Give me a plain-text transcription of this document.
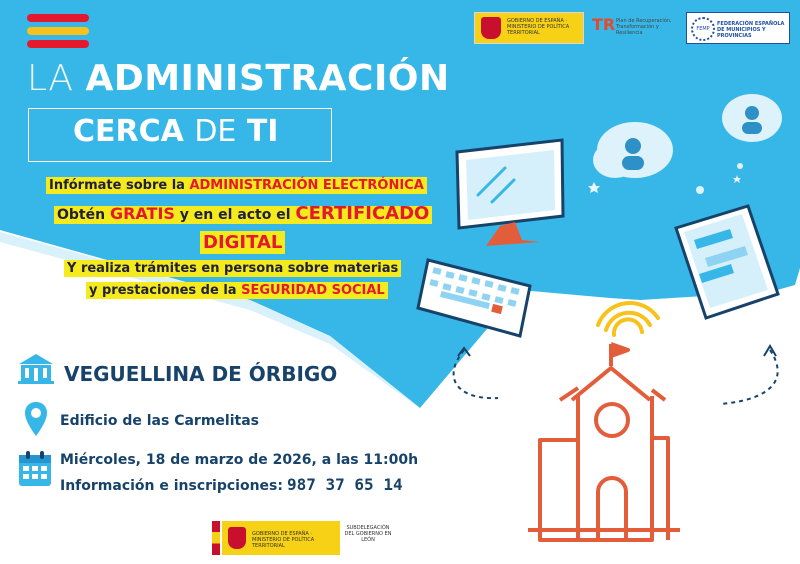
GOBIERNO DE ESPAÑA · MINISTERIO DE POLÍTICA TERRITORIAL	TR Plan de Recuperación, Transformación y Resiliencia
FEMP
FEDERACIÓN ESPAÑOLA DE MUNICIPIOS Y PROVINCIAS
LA ADMINISTRACIÓN
CERCA DE TI
Infórmate sobre la ADMINISTRACIÓN ELECTRÓNICA
Obtén GRATIS y en el acto el CERTIFICADO
DIGITAL
Y realiza trámites en persona sobre materias
y prestaciones de la SEGURIDAD SOCIAL
VEGUELLINA DE ÓRBIGO
Edificio de las Carmelitas
Miércoles, 18 de marzo de 2026, a las 11:00h
Información e inscripciones: 987 37 65 14
GOBIERNO DE ESPAÑA · MINISTERIO DE POLÍTICA TERRITORIAL
SUBDELEGACIÓN DEL GOBIERNO EN LEÓN
